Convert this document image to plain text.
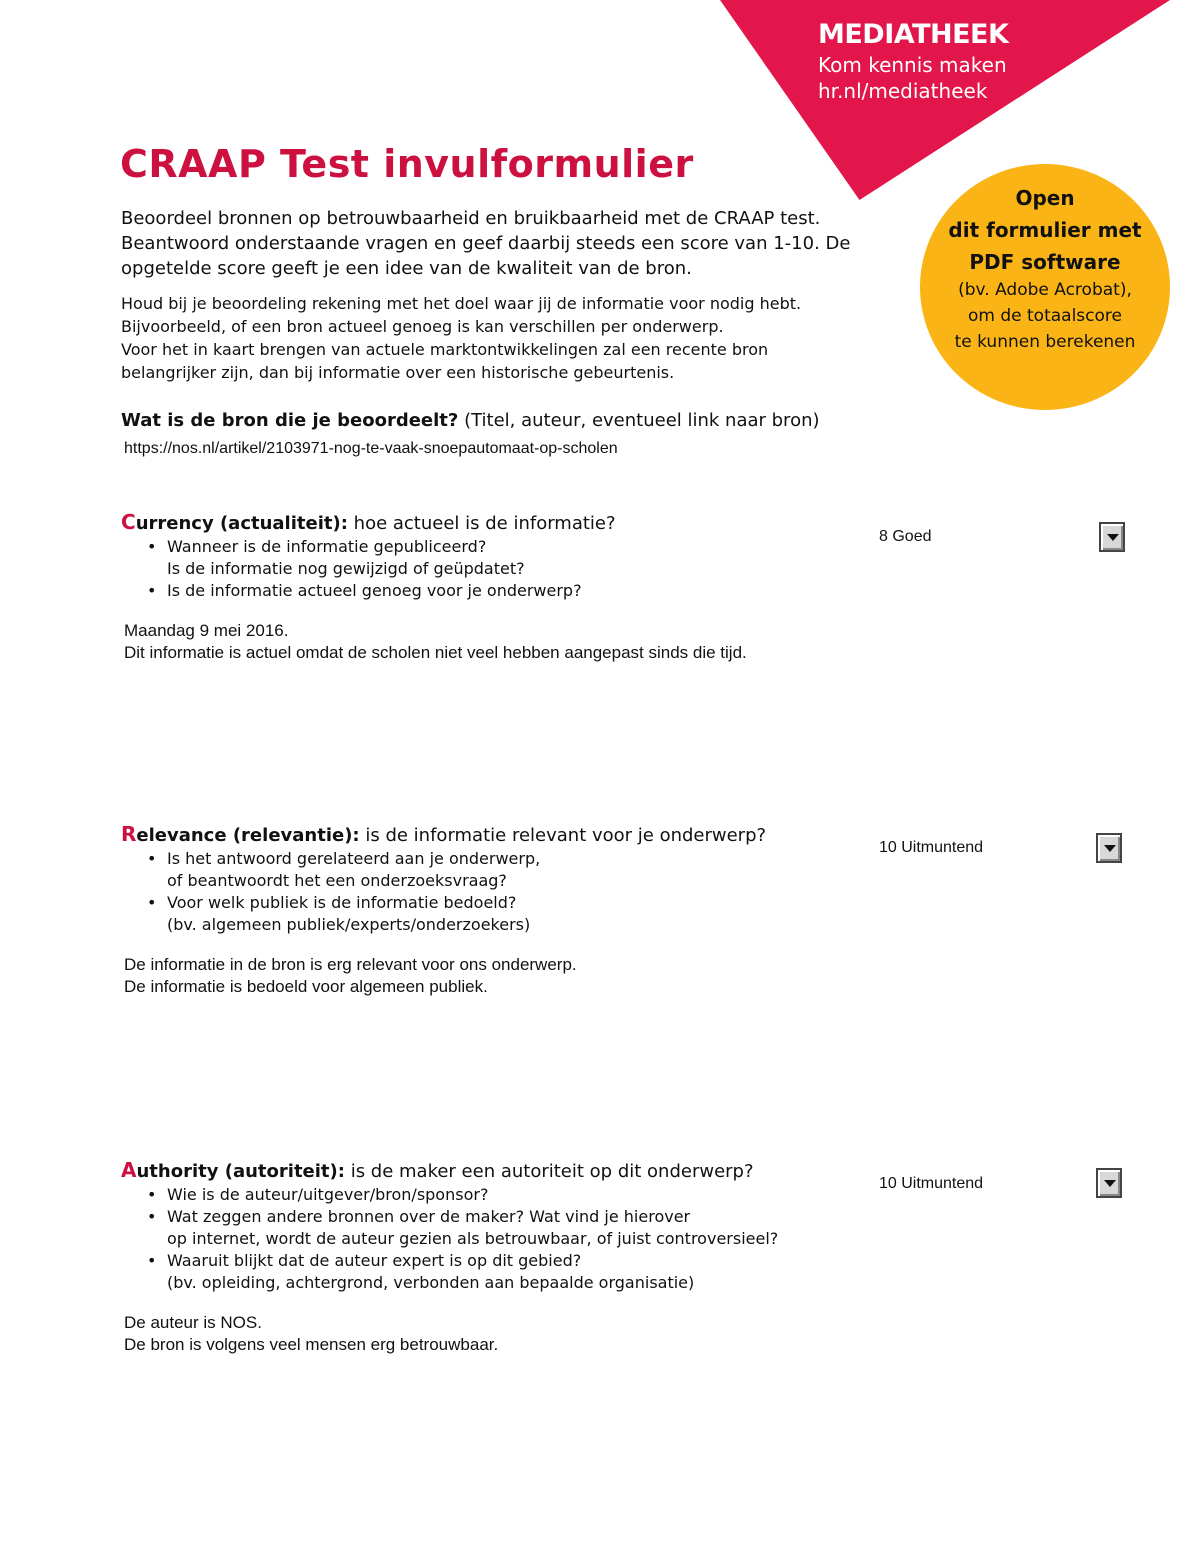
MEDIATHEEK
Kom kennis maken
hr.nl/mediatheek
Open
dit formulier met
PDF software
(bv. Adobe Acrobat),
om de totaalscore
te kunnen berekenen
CRAAP Test invulformulier
Beoordeel bronnen op betrouwbaarheid en bruikbaarheid met de CRAAP test. Beantwoord onderstaande vragen en geef daarbij steeds een score van 1-10. De opgetelde score geeft je een idee van de kwaliteit van de bron.
Houd bij je beoordeling rekening met het doel waar jij de informatie voor nodig hebt.
Bijvoorbeeld, of een bron actueel genoeg is kan verschillen per onderwerp.
Voor het in kaart brengen van actuele marktontwikkelingen zal een recente bron
belangrijker zijn, dan bij informatie over een historische gebeurtenis.
Wat is de bron die je beoordeelt? (Titel, auteur, eventueel link naar bron)
https://nos.nl/artikel/2103971-nog-te-vaak-snoepautomaat-op-scholen
Currency (actualiteit): hoe actueel is de informatie?
• Wanneer is de informatie gepubliceerd?
Is de informatie nog gewijzigd of geüpdatet?
• Is de informatie actueel genoeg voor je onderwerp?
Maandag 9 mei 2016.
Dit informatie is actuel omdat de scholen niet veel hebben aangepast sinds die tijd.
8 Goed
Relevance (relevantie): is de informatie relevant voor je onderwerp?
• Is het antwoord gerelateerd aan je onderwerp,
of beantwoordt het een onderzoeksvraag?
• Voor welk publiek is de informatie bedoeld?
(bv. algemeen publiek/experts/onderzoekers)
De informatie in de bron is erg relevant voor ons onderwerp.
De informatie is bedoeld voor algemeen publiek.
10 Uitmuntend
Authority (autoriteit): is de maker een autoriteit op dit onderwerp?
• Wie is de auteur/uitgever/bron/sponsor?
• Wat zeggen andere bronnen over de maker? Wat vind je hierover
op internet, wordt de auteur gezien als betrouwbaar, of juist controversieel?
• Waaruit blijkt dat de auteur expert is op dit gebied?
(bv. opleiding, achtergrond, verbonden aan bepaalde organisatie)
De auteur is NOS.
De bron is volgens veel mensen erg betrouwbaar.
10 Uitmuntend
